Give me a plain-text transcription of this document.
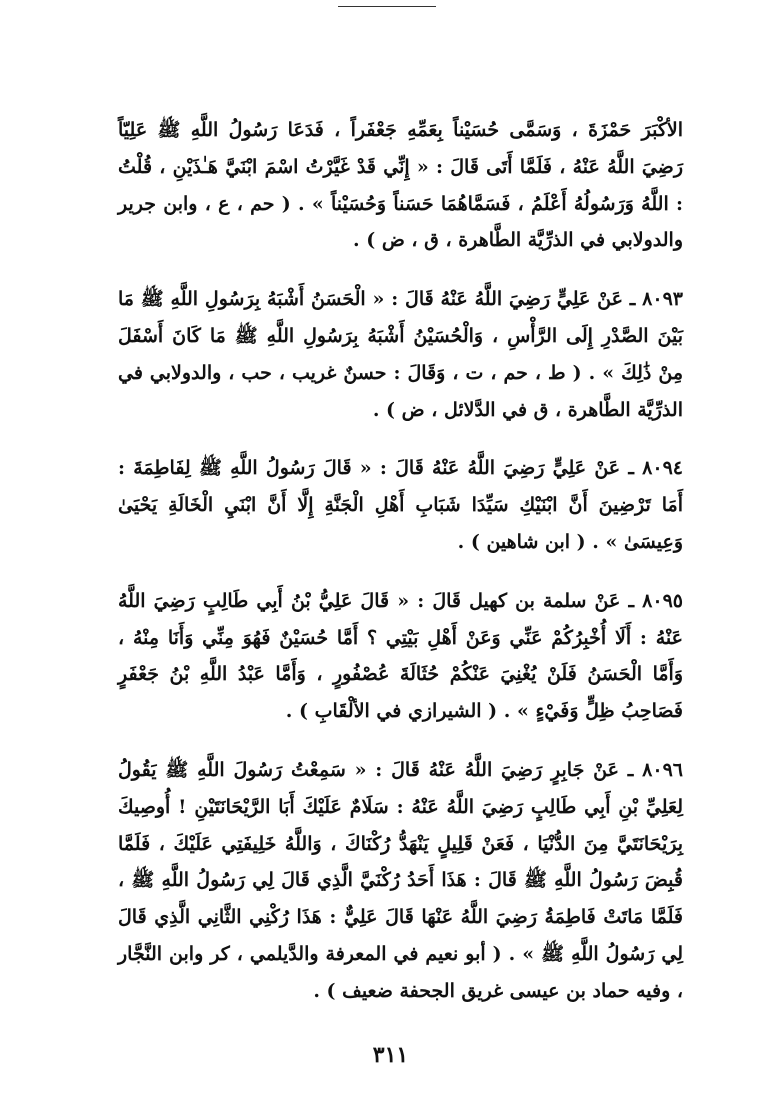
الأكْبَرَ حَمْزَةَ ، وَسَمَّى حُسَيْناً بِعَمِّهِ جَعْفَراً ، فَدَعَا رَسُولُ اللَّهِ ﷺ عَلِيّاً رَضِيَ اللَّهُ عَنْهُ ، فَلَمَّا أَتَى قَالَ : « إِنِّي قَدْ غَيَّرْتُ اسْمَ ابْنَيَّ هَـٰذَيْنِ ، قُلْتُ : اللَّهُ وَرَسُولُهُ أَعْلَمُ ، فَسَمَّاهُمَا حَسَناً وَحُسَيْناً » . ( حم ، ع ، وابن جرير والدولابي في الذرِّيَّة الطَّاهرة ، ق ، ض ) .

٨٠٩٣ ـ عَنْ عَلِيٍّ رَضِيَ اللَّهُ عَنْهُ قَالَ : « الْحَسَنُ أَشْبَهُ بِرَسُولِ اللَّهِ ﷺ مَا بَيْنَ الصَّدْرِ إِلَى الرَّأْسِ ، وَالْحُسَيْنُ أَشْبَهُ بِرَسُولِ اللَّهِ ﷺ مَا كَانَ أَسْفَلَ مِنْ ذَٰلِكَ » . ( ط ، حم ، ت ، وَقَالَ : حسنٌ غريب ، حب ، والدولابي في الذرِّيَّة الطَّاهرة ، ق في الدَّلائل ، ض ) .

٨٠٩٤ ـ عَنْ عَلِيٍّ رَضِيَ اللَّهُ عَنْهُ قَالَ : « قَالَ رَسُولُ اللَّهِ ﷺ لِفَاطِمَةَ : أَمَا تَرْضِينَ أَنَّ ابْنَيْكِ سَيِّدَا شَبَابِ أَهْلِ الْجَنَّةِ إِلَّا أَنَّ ابْنَيِ الْخَالَةِ يَحْيَىٰ وَعِيسَىٰ » . ( ابن شاهين ) .

٨٠٩٥ ـ عَنْ سلمة بن كهيل قَالَ : « قَالَ عَلِيُّ بْنُ أَبِي طَالِبٍ رَضِيَ اللَّهُ عَنْهُ : أَلَا أُخْبِرُكُمْ عَنِّي وَعَنْ أَهْلِ بَيْتِي ؟ أَمَّا حُسَيْنٌ فَهُوَ مِنِّي وَأَنَا مِنْهُ ، وَأَمَّا الْحَسَنُ فَلَنْ يُغْنِيَ عَنْكُمْ حُثَالَةَ عُصْفُورٍ ، وَأَمَّا عَبْدُ اللَّهِ بْنُ جَعْفَرٍ فَصَاحِبُ ظِلٍّ وَفَيْءٍ » . ( الشيرازي في الألْقَابِ ) .

٨٠٩٦ ـ عَنْ جَابِرٍ رَضِيَ اللَّهُ عَنْهُ قَالَ : « سَمِعْتُ رَسُولَ اللَّهِ ﷺ يَقُولُ لِعَلِيِّ بْنِ أَبِي طَالِبٍ رَضِيَ اللَّهُ عَنْهُ : سَلَامٌ عَلَيْكَ أَبَا الرَّيْحَانَتَيْنِ ! أُوصِيكَ بِرَيْحَانَتَيَّ مِنَ الدُّنْيَا ، فَعَنْ قَلِيلٍ يَنْهَدُّ رُكْنَاكَ ، وَاللَّهُ خَلِيفَتِي عَلَيْكَ ، فَلَمَّا قُبِضَ رَسُولُ اللَّهِ ﷺ قَالَ : هَذَا أَحَدُ رُكْنَيَّ الَّذِي قَالَ لِي رَسُولُ اللَّهِ ﷺ ، فَلَمَّا مَاتَتْ فَاطِمَةُ رَضِيَ اللَّهُ عَنْهَا قَالَ عَلِيٌّ : هَذَا رُكْنِي الثَّانِي الَّذِي قَالَ لِي رَسُولُ اللَّهِ ﷺ » . ( أبو نعيم في المعرفة والدَّيلمي ، كر وابن النَّجَّار ، وفيه حماد بن عيسى غريق الجحفة ضعيف ) .

٣١١
